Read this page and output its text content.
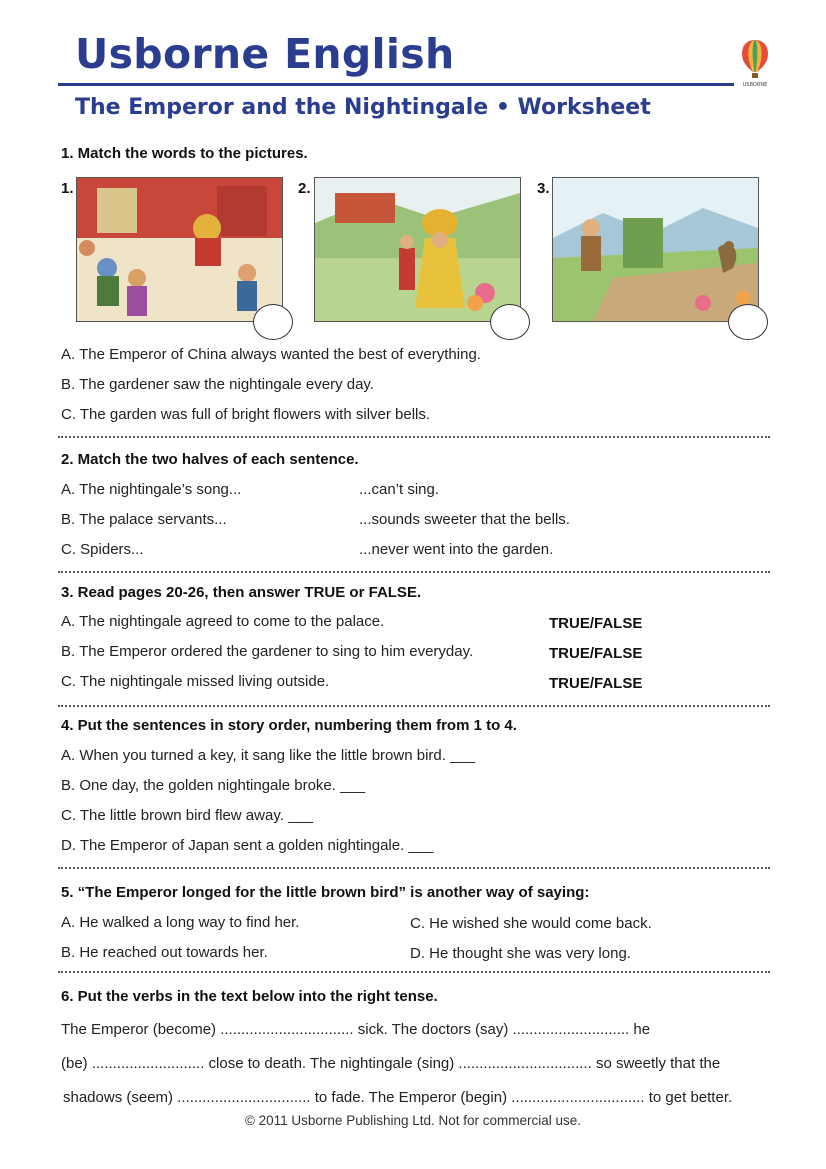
Usborne English
The Emperor and the Nightingale • Worksheet
USBORNE
1. Match the words to the pictures.
1.	2.	3.
A. The Emperor of China always wanted the best of everything.
B. The gardener saw the nightingale every day.
C. The garden was full of bright flowers with silver bells.
2. Match the two halves of each sentence.
A. The nightingale’s song...
B. The palace servants...
C. Spiders...
...can’t sing.
...sounds sweeter that the bells.
...never went into the garden.
3. Read pages 20-26, then answer TRUE or FALSE.
A. The nightingale agreed to come to the palace.
B. The Emperor ordered the gardener to sing to him everyday.
C. The nightingale missed living outside.
TRUE/FALSE
TRUE/FALSE
TRUE/FALSE
4. Put the sentences in story order, numbering them from 1 to 4.
A. When you turned a key, it sang like the little brown bird. ___
B. One day, the golden nightingale broke. ___
C. The little brown bird flew away. ___
D. The Emperor of Japan sent a golden nightingale. ___
5. “The Emperor longed for the little brown bird” is another way of saying:
A. He walked a long way to find her.
B. He reached out towards her.
C. He wished she would come back.
D. He thought she was very long.
6. Put the verbs in the text below into the right tense.
The Emperor (become) ................................ sick. The doctors (say) ............................ he
(be) ........................... close to death. The nightingale (sing) ................................ so sweetly that the
shadows (seem) ................................ to fade. The Emperor (begin) ................................ to get better.
© 2011 Usborne Publishing Ltd. Not for commercial use.
